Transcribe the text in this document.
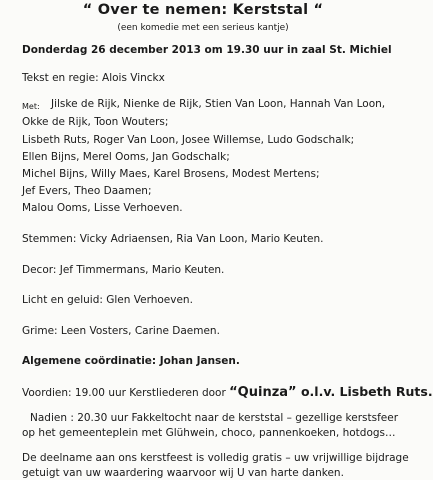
“ Over te nemen: Kerststal “
(een komedie met een serieus kantje)
Donderdag 26 december 2013 om 19.30 uur in zaal St. Michiel
Tekst en regie: Alois Vinckx
Met: Jilske de Rijk, Nienke de Rijk, Stien Van Loon, Hannah Van Loon,
Okke de Rijk, Toon Wouters;
Lisbeth Ruts, Roger Van Loon, Josee Willemse, Ludo Godschalk;
Ellen Bijns, Merel Ooms, Jan Godschalk;
Michel Bijns, Willy Maes, Karel Brosens, Modest Mertens;
Jef Evers, Theo Daamen;
Malou Ooms, Lisse Verhoeven.
Stemmen: Vicky Adriaensen, Ria Van Loon, Mario Keuten.
Decor: Jef Timmermans, Mario Keuten.
Licht en geluid: Glen Verhoeven.
Grime: Leen Vosters, Carine Daemen.
Algemene coördinatie: Johan Jansen.
Voordien: 19.00 uur Kerstliederen door “Quinza” o.l.v. Lisbeth Ruts.
Nadien : 20.30 uur Fakkeltocht naar de kerststal – gezellige kerstsfeer
op het gemeenteplein met Glühwein, choco, pannenkoeken, hotdogs…
De deelname aan ons kerstfeest is volledig gratis – uw vrijwillige bijdrage
getuigt van uw waardering waarvoor wij U van harte danken.
